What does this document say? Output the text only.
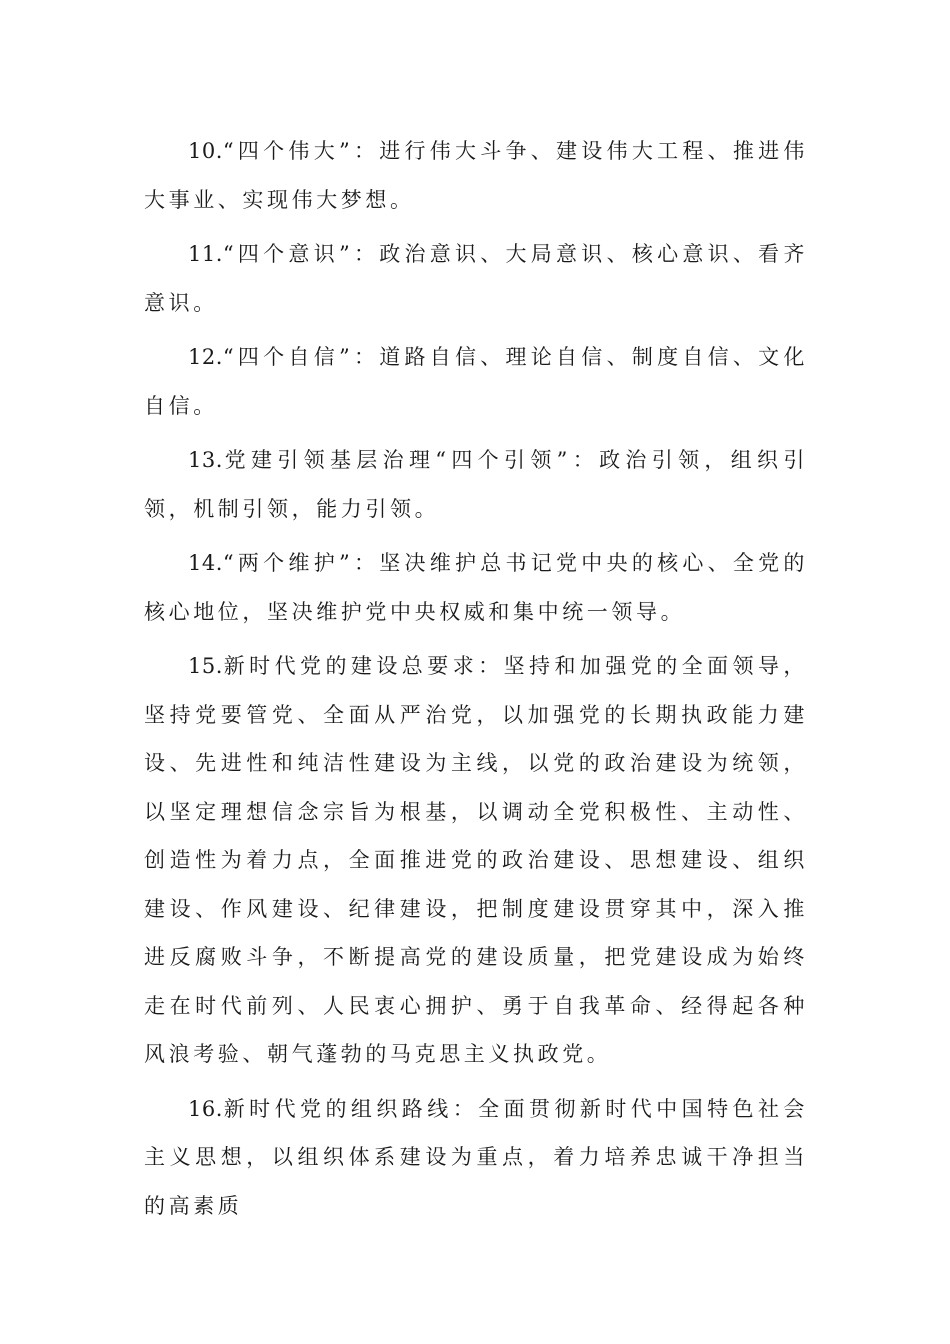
10.“四个伟大”：进行伟大斗争、建设伟大工程、推进伟大事业、实现伟大梦想。

11.“四个意识”：政治意识、大局意识、核心意识、看齐意识。

12.“四个自信”：道路自信、理论自信、制度自信、文化自信。

13.党建引领基层治理“四个引领”：政治引领，组织引领，机制引领，能力引领。

14.“两个维护”：坚决维护总书记党中央的核心、全党的核心地位，坚决维护党中央权威和集中统一领导。

15.新时代党的建设总要求：坚持和加强党的全面领导，坚持党要管党、全面从严治党，以加强党的长期执政能力建设、先进性和纯洁性建设为主线，以党的政治建设为统领，以坚定理想信念宗旨为根基，以调动全党积极性、主动性、创造性为着力点，全面推进党的政治建设、思想建设、组织建设、作风建设、纪律建设，把制度建设贯穿其中，深入推进反腐败斗争，不断提高党的建设质量，把党建设成为始终走在时代前列、人民衷心拥护、勇于自我革命、经得起各种风浪考验、朝气蓬勃的马克思主义执政党。

16.新时代党的组织路线：全面贯彻新时代中国特色社会主义思想，以组织体系建设为重点，着力培养忠诚干净担当的高素质
